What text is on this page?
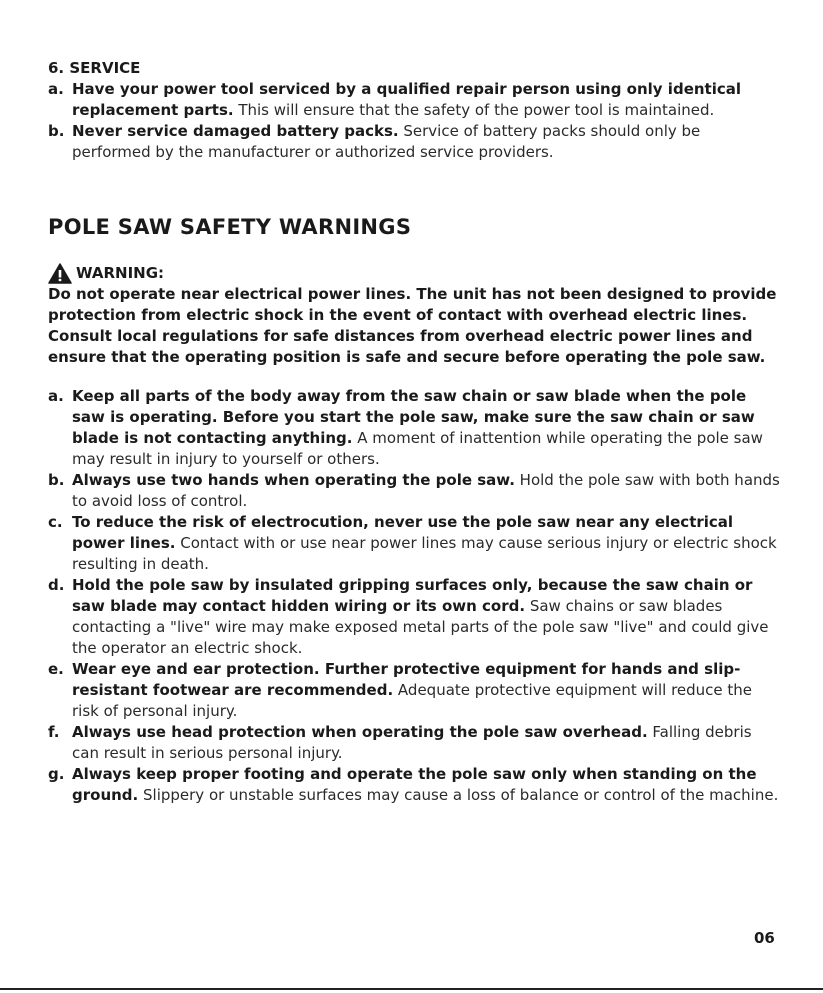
6. SERVICE

a. Have your power tool serviced by a qualified repair person using only identical replacement parts. This will ensure that the safety of the power tool is maintained.

b. Never service damaged battery packs. Service of battery packs should only be performed by the manufacturer or authorized service providers.

POLE SAW SAFETY WARNINGS
WARNING:

Do not operate near electrical power lines. The unit has not been designed to provide protection from electric shock in the event of contact with overhead electric lines. Consult local regulations for safe distances from overhead electric power lines and ensure that the operating position is safe and secure before operating the pole saw.

a. Keep all parts of the body away from the saw chain or saw blade when the pole saw is operating. Before you start the pole saw, make sure the saw chain or saw blade is not contacting anything. A moment of inattention while operating the pole saw may result in injury to yourself or others.

b. Always use two hands when operating the pole saw. Hold the pole saw with both hands to avoid loss of control.

c. To reduce the risk of electrocution, never use the pole saw near any electrical power lines. Contact with or use near power lines may cause serious injury or electric shock resulting in death.

d. Hold the pole saw by insulated gripping surfaces only, because the saw chain or saw blade may contact hidden wiring or its own cord. Saw chains or saw blades contacting a "live" wire may make exposed metal parts of the pole saw "live" and could give the operator an electric shock.

e. Wear eye and ear protection. Further protective equipment for hands and slip- resistant footwear are recommended. Adequate protective equipment will reduce the risk of personal injury.

f. Always use head protection when operating the pole saw overhead. Falling debris can result in serious personal injury.

g. Always keep proper footing and operate the pole saw only when standing on the ground. Slippery or unstable surfaces may cause a loss of balance or control of the machine.

06
